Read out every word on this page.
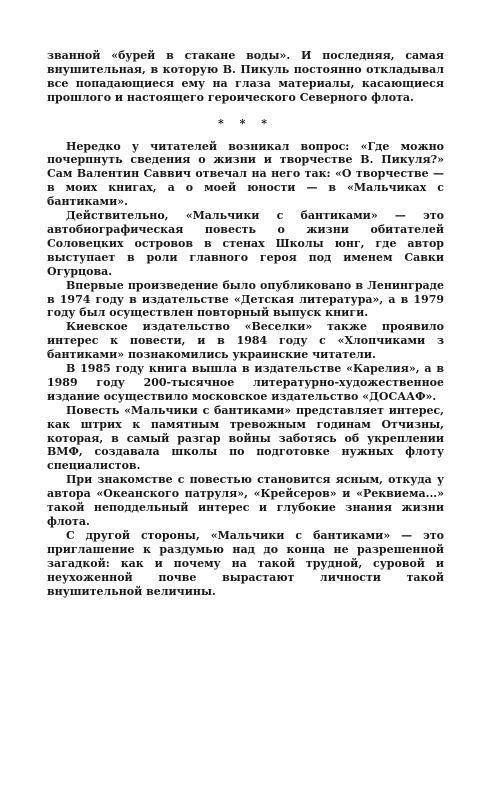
званной «бурей в стакане воды». И последняя, самая внушительная, в которую В. Пикуль постоянно откладывал все попадающиеся ему на глаза материалы, касающиеся прошлого и настоящего героического Северного флота.

* * *

Нередко у читателей возникал вопрос: «Где можно почерпнуть сведения о жизни и творчестве В. Пикуля?» Сам Валентин Саввич отвечал на него так: «О творчестве — в моих книгах, а о моей юности — в «Мальчиках с бантиками».

Действительно, «Мальчики с бантиками» — это автобиографическая повесть о жизни обитателей Соловецких островов в стенах Школы юнг, где автор выступает в роли главного героя под именем Савки Огурцова.

Впервые произведение было опубликовано в Ленинграде в 1974 году в издательстве «Детская литература», а в 1979 году был осуществлен повторный выпуск книги.

Киевское издательство «Веселки» также проявило интерес к повести, и в 1984 году с «Хлопчиками з бантиками» познакомились украинские читатели.

В 1985 году книга вышла в издательстве «Карелия», а в 1989 году 200-тысячное литературно-художественное издание осуществило московское издательство «ДОСААФ».

Повесть «Мальчики с бантиками» представляет интерес, как штрих к памятным тревожным годинам Отчизны, которая, в самый разгар войны заботясь об укреплении ВМФ, создавала школы по подготовке нужных флоту специалистов.

При знакомстве с повестью становится ясным, откуда у автора «Океанского патруля», «Крейсеров» и «Реквиема...» такой неподдельный интерес и глубокие знания жизни флота.

С другой стороны, «Мальчики с бантиками» — это приглашение к раздумью над до конца не разрешенной загадкой: как и почему на такой трудной, суровой и неухоженной почве вырастают личности такой внушительной величины.
